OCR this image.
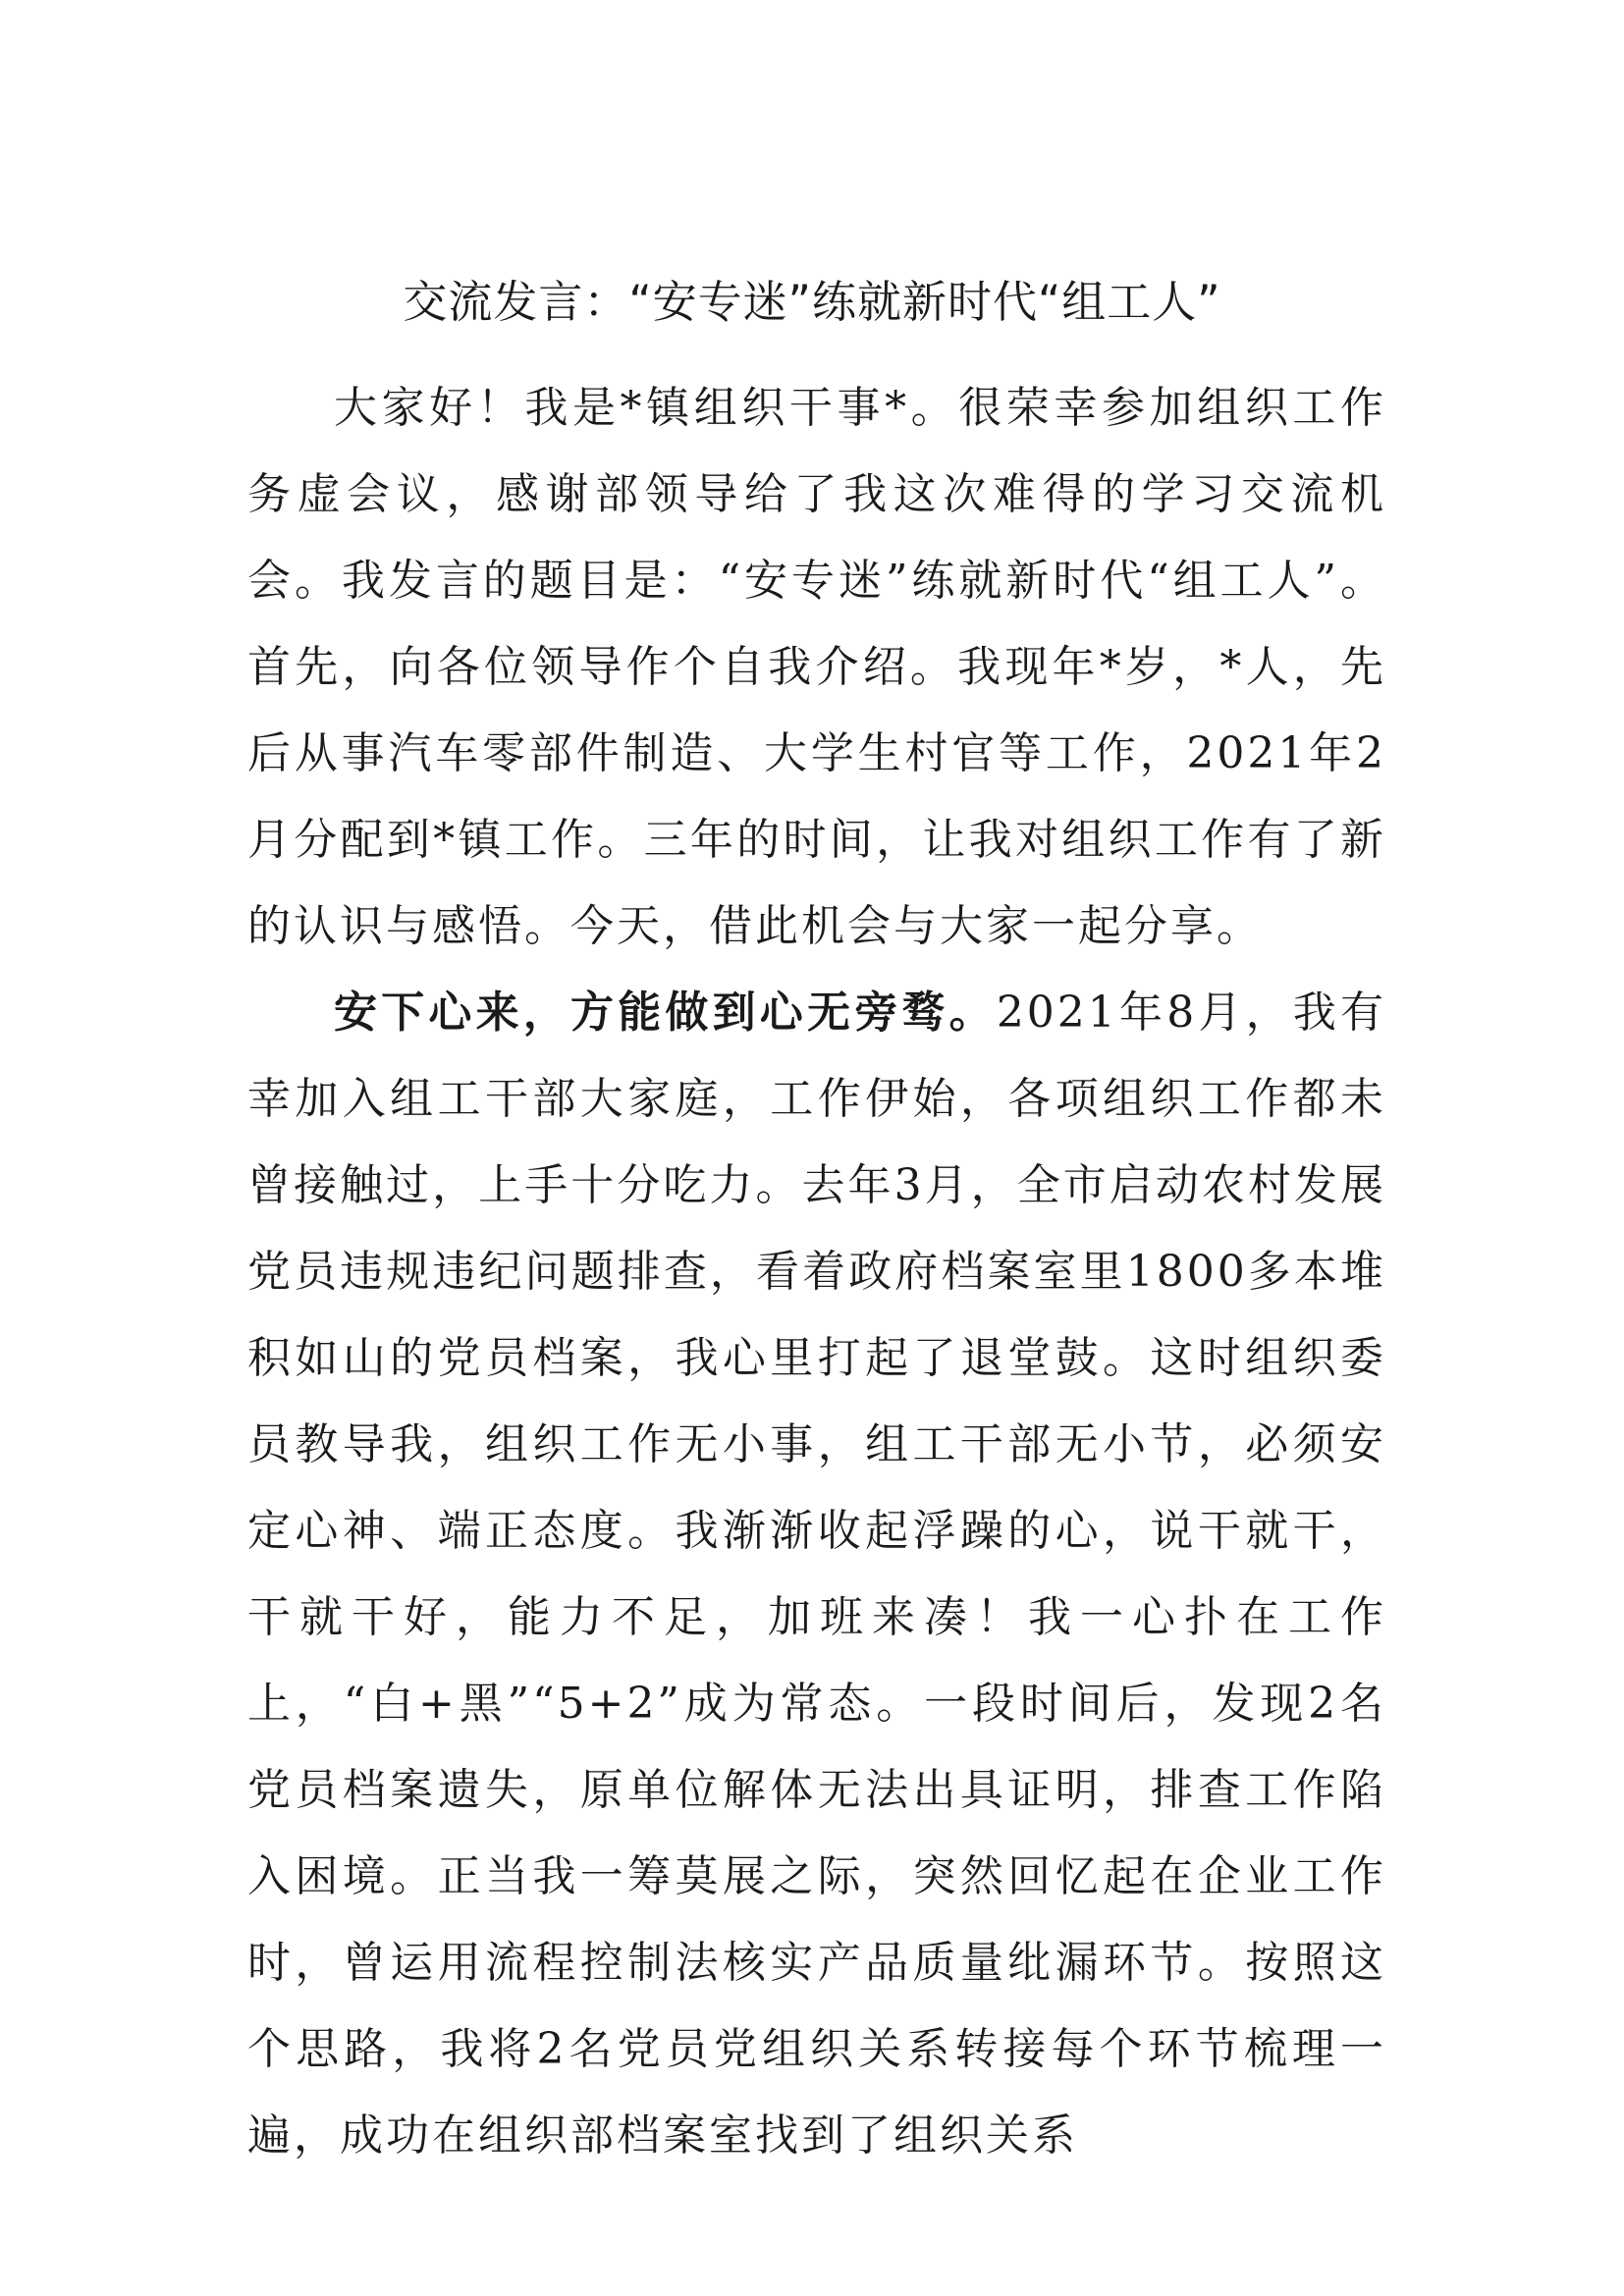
交流发言：“安专迷”练就新时代“组工人”

大家好！我是*镇组织干事*。很荣幸参加组织工作务虚会议，感谢部领导给了我这次难得的学习交流机会。我发言的题目是：“安专迷”练就新时代“组工人”。首先，向各位领导作个自我介绍。我现年*岁，*人，先后从事汽车零部件制造、大学生村官等工作，2021年2月分配到*镇工作。三年的时间，让我对组织工作有了新的认识与感悟。今天，借此机会与大家一起分享。

安下心来，方能做到心无旁骛。2021年8月，我有幸加入组工干部大家庭，工作伊始，各项组织工作都未曾接触过，上手十分吃力。去年3月，全市启动农村发展党员违规违纪问题排查，看着政府档案室里1800多本堆积如山的党员档案，我心里打起了退堂鼓。这时组织委员教导我，组织工作无小事，组工干部无小节，必须安定心神、端正态度。我渐渐收起浮躁的心，说干就干，干就干好，能力不足，加班来凑！我一心扑在工作上，“白+黑”“5+2”成为常态。一段时间后，发现2名党员档案遗失，原单位解体无法出具证明，排查工作陷入困境。正当我一筹莫展之际，突然回忆起在企业工作时，曾运用流程控制法核实产品质量纰漏环节。按照这个思路，我将2名党员党组织关系转接每个环节梳理一遍，成功在组织部档案室找到了组织关系
